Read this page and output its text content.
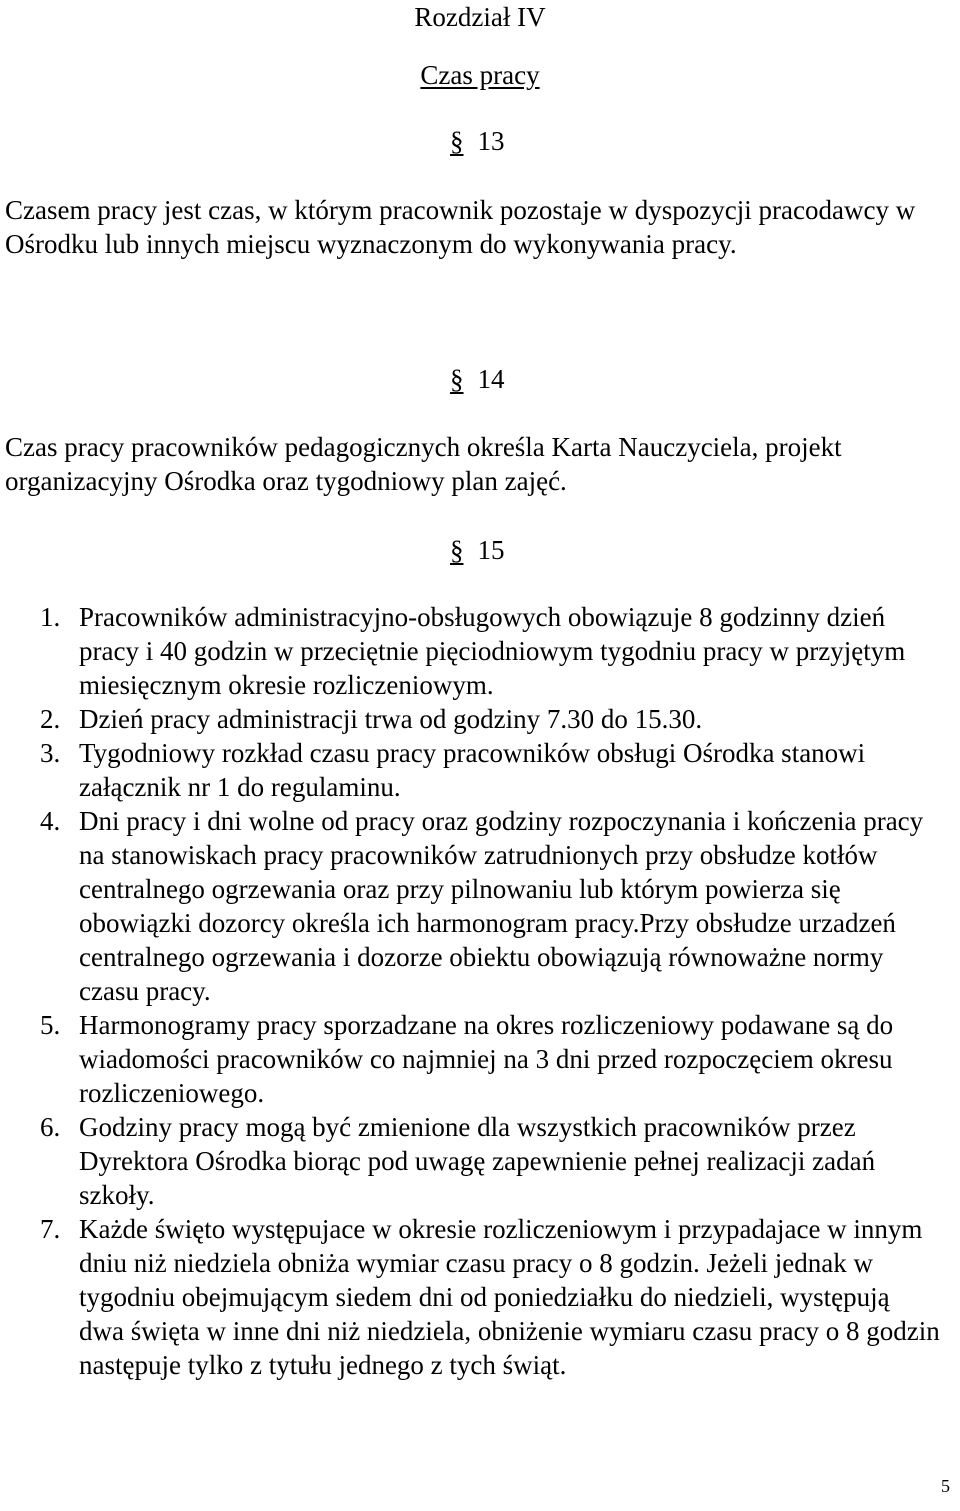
Rozdział IV
Czas pracy
§ 13

Czasem pracy jest czas, w którym pracownik pozostaje w dyspozycji pracodawcy w Ośrodku lub innych miejscu wyznaczonym do wykonywania pracy.

§ 14

Czas pracy pracowników pedagogicznych określa Karta Nauczyciela, projekt organizacyjny Ośrodka oraz tygodniowy plan zajęć.

§ 15
1. Pracowników administracyjno-obsługowych obowiązuje 8 godzinny dzień pracy i 40 godzin w przeciętnie pięciodniowym tygodniu pracy w przyjętym miesięcznym okresie rozliczeniowym.
2. Dzień pracy administracji trwa od godziny 7.30 do 15.30.
3. Tygodniowy rozkład czasu pracy pracowników obsługi Ośrodka stanowi załącznik nr 1 do regulaminu.
4. Dni pracy i dni wolne od pracy oraz godziny rozpoczynania i kończenia pracy na stanowiskach pracy pracowników zatrudnionych przy obsłudze kotłów centralnego ogrzewania oraz przy pilnowaniu lub którym powierza się obowiązki dozorcy określa ich harmonogram pracy.Przy obsłudze urzadzeń centralnego ogrzewania i dozorze obiektu obowiązują równoważne normy czasu pracy.
5. Harmonogramy pracy sporzadzane na okres rozliczeniowy podawane są do wiadomości pracowników co najmniej na 3 dni przed rozpoczęciem okresu rozliczeniowego.
6. Godziny pracy mogą być zmienione dla wszystkich pracowników przez Dyrektora Ośrodka biorąc pod uwagę zapewnienie pełnej realizacji zadań szkoły.
7. Każde święto występujace w okresie rozliczeniowym i przypadajace w innym dniu niż niedziela obniża wymiar czasu pracy o 8 godzin. Jeżeli jednak w tygodniu obejmującym siedem dni od poniedziałku do niedzieli, występują dwa święta w inne dni niż niedziela, obniżenie wymiaru czasu pracy o 8 godzin następuje tylko z tytułu jednego z tych świąt.
5
